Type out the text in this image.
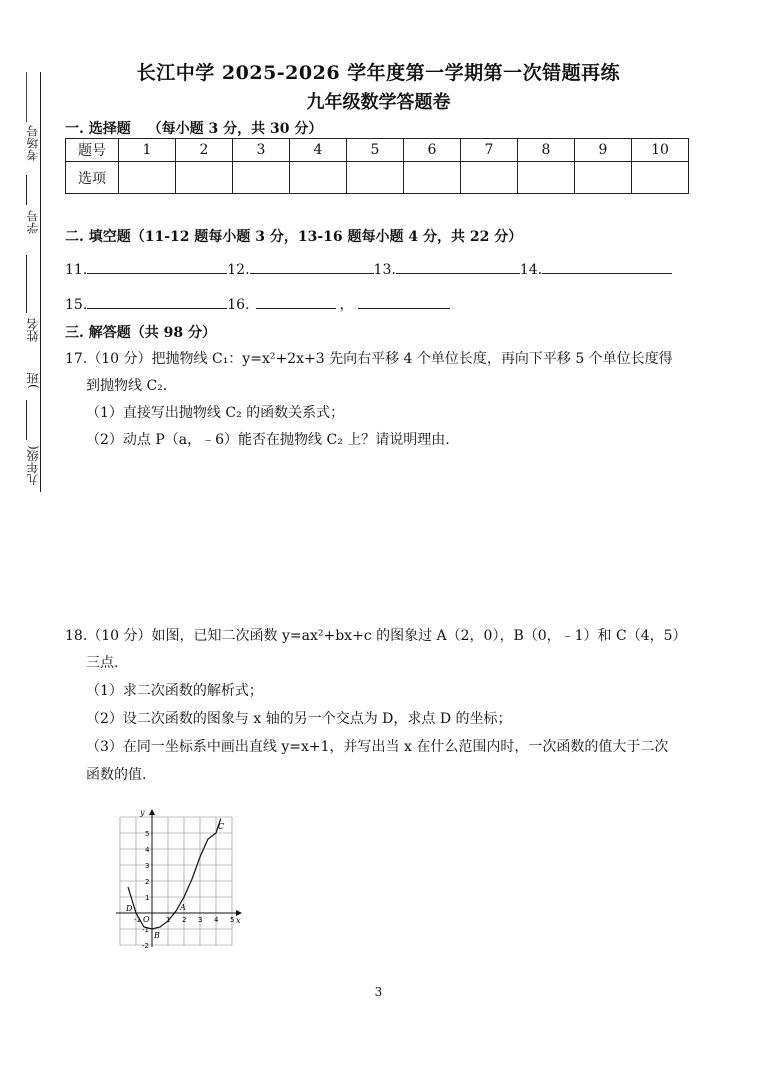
考场号
学号
姓名
)班
九年级(
长江中学 2025-2026 学年度第一学期第一次错题再练
九年级数学答题卷
一. 选择题 （每小题 3 分，共 30 分）
题号	1	2	3	4	5	6	7	8	9	10
选项										
二. 填空题（11-12 题每小题 3 分，13-16 题每小题 4 分，共 22 分）
11.	12.	13.	14.
15.	16.	，
三. 解答题（共 98 分）
17.（10 分）把抛物线 C₁：y=x²+2x+3 先向右平移 4 个单位长度，再向下平移 5 个单位长度得
到抛物线 C₂.
（1）直接写出抛物线 C₂ 的函数关系式；
（2）动点 P（a，﹣6）能否在抛物线 C₂ 上？请说明理由.
18.（10 分）如图，已知二次函数 y=ax²+bx+c 的图象过 A（2，0），B（0，﹣1）和 C（4，5）
三点.
（1）求二次函数的解析式；
（2）设二次函数的图象与 x 轴的另一个交点为 D，求点 D 的坐标；
（3）在同一坐标系中画出直线 y=x+1，并写出当 x 在什么范围内时，一次函数的值大于二次
函数的值.
x
y
-1	1 2 3 4 5
-2
-1
1
2
3
4
5
A
B
C
D
O
3
